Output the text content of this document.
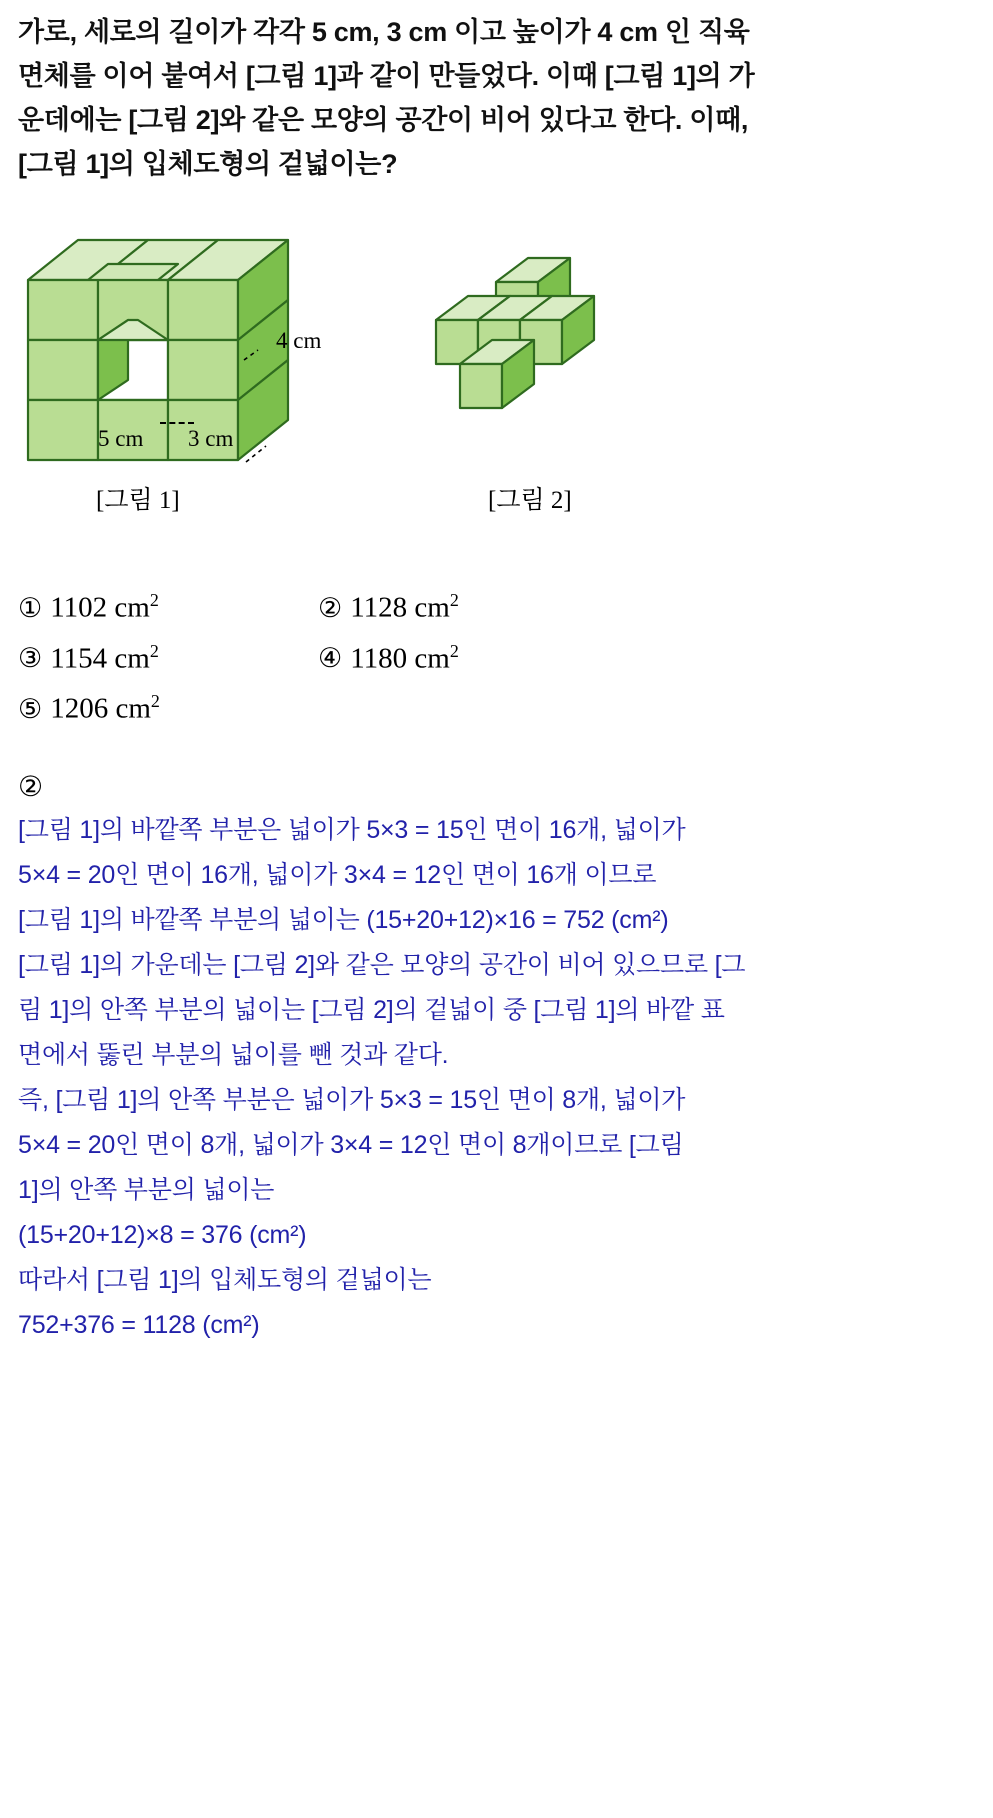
가로, 세로의 길이가 각각 5 cm, 3 cm 이고 높이가 4 cm 인 직육
면체를 이어 붙여서 [그림 1]과 같이 만들었다. 이때 [그림 1]의 가
운데에는 [그림 2]와 같은 모양의 공간이 비어 있다고 한다. 이때,
[그림 1]의 입체도형의 겉넓이는?
4 cm
5 cm 3 cm
[그림 1]	[그림 2]
① 1102 $cm^2$	② 1128 $cm^2$
③ 1154 $cm^2$	④ 1180 $cm^2$
⑤ 1206 $cm^2$
②
[그림 1]의 바깥쪽 부분은 넓이가 5×3 = 15인 면이 16개, 넓이가
5×4 = 20인 면이 16개, 넓이가 3×4 = 12인 면이 16개 이므로
[그림 1]의 바깥쪽 부분의 넓이는 (15+20+12)×16 = 752 (cm²)
[그림 1]의 가운데는 [그림 2]와 같은 모양의 공간이 비어 있으므로 [그
림 1]의 안쪽 부분의 넓이는 [그림 2]의 겉넓이 중 [그림 1]의 바깥 표
면에서 뚫린 부분의 넓이를 뺀 것과 같다.
즉, [그림 1]의 안쪽 부분은 넓이가 5×3 = 15인 면이 8개, 넓이가
5×4 = 20인 면이 8개, 넓이가 3×4 = 12인 면이 8개이므로 [그림
1]의 안쪽 부분의 넓이는
(15+20+12)×8 = 376 (cm²)
따라서 [그림 1]의 입체도형의 겉넓이는
752+376 = 1128 (cm²)
